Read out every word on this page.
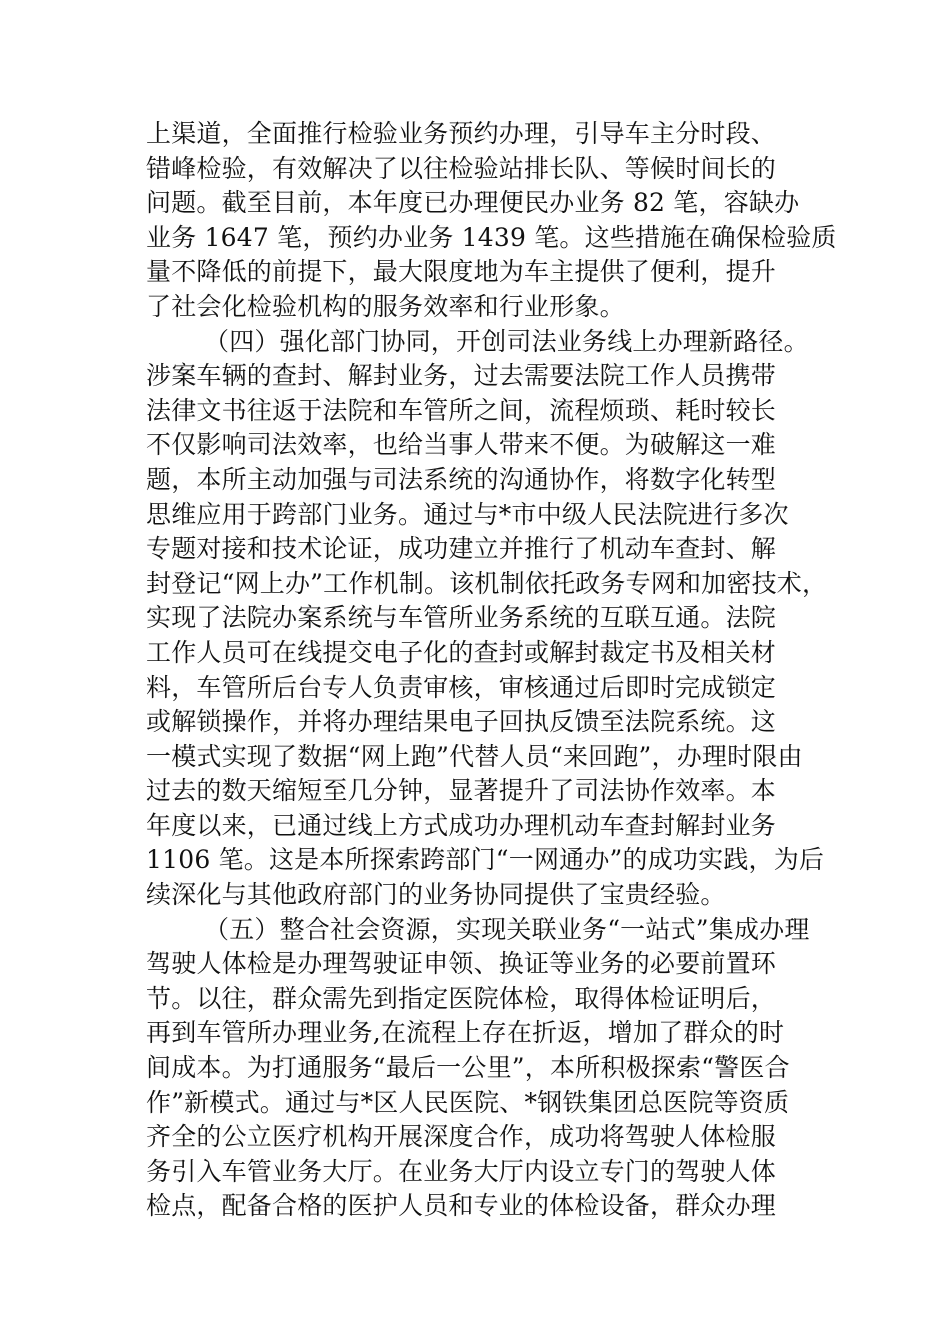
上渠道，全面推行检验业务预约办理，引导车主分时段、
错峰检验，有效解决了以往检验站排长队、等候时间长的
问题。截至目前，本年度已办理便民办业务 82 笔，容缺办
业务 1647 笔，预约办业务 1439 笔。这些措施在确保检验质
量不降低的前提下，最大限度地为车主提供了便利，提升
了社会化检验机构的服务效率和行业形象。
（四）强化部门协同，开创司法业务线上办理新路径。
涉案车辆的查封、解封业务，过去需要法院工作人员携带
法律文书往返于法院和车管所之间，流程烦琐、耗时较长
不仅影响司法效率，也给当事人带来不便。为破解这一难
题，本所主动加强与司法系统的沟通协作，将数字化转型
思维应用于跨部门业务。通过与*市中级人民法院进行多次
专题对接和技术论证，成功建立并推行了机动车查封、解
封登记“网上办”工作机制。该机制依托政务专网和加密技术，
实现了法院办案系统与车管所业务系统的互联互通。法院
工作人员可在线提交电子化的查封或解封裁定书及相关材
料，车管所后台专人负责审核，审核通过后即时完成锁定
或解锁操作，并将办理结果电子回执反馈至法院系统。这
一模式实现了数据“网上跑”代替人员“来回跑”，办理时限由
过去的数天缩短至几分钟，显著提升了司法协作效率。本
年度以来，已通过线上方式成功办理机动车查封解封业务
1106 笔。这是本所探索跨部门“一网通办”的成功实践，为后
续深化与其他政府部门的业务协同提供了宝贵经验。
（五）整合社会资源，实现关联业务“一站式”集成办理
驾驶人体检是办理驾驶证申领、换证等业务的必要前置环
节。以往，群众需先到指定医院体检，取得体检证明后，
再到车管所办理业务,在流程上存在折返，增加了群众的时
间成本。为打通服务“最后一公里”，本所积极探索“警医合
作”新模式。通过与*区人民医院、*钢铁集团总医院等资质
齐全的公立医疗机构开展深度合作，成功将驾驶人体检服
务引入车管业务大厅。在业务大厅内设立专门的驾驶人体
检点，配备合格的医护人员和专业的体检设备，群众办理
